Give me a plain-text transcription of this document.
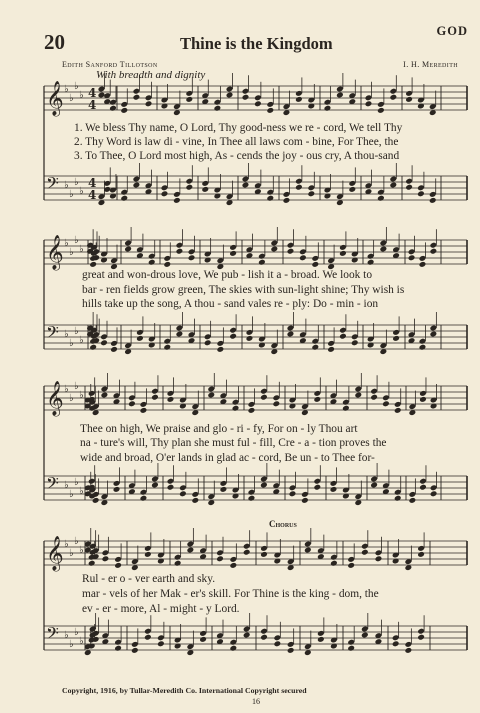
𝄞 ♭
♭
♭
♭ 4
4
𝄢 ♭
♭
♭
♭
4
4
𝄞 ♭
♭
♭
♭
𝄢 ♭
♭
♭
♭
𝄞 ♭
♭
♭
♭
𝄢 ♭
♭
♭
♭
𝄞 ♭
♭
♭
♭
𝄢 ♭
♭
♭
♭
20	Thine is the Kingdom
GOD
Edith Sanford Tillotson	I. H. Meredith
With breadth and dignity
1. We bless Thy name, O Lord, Thy good-ness we re - cord, We tell Thy
2. Thy Word is law di - vine, In Thee all laws com - bine, For Thee, the
3. To Thee, O Lord most high, As - cends the joy - ous cry, A thou-sand
great and won-drous love, We pub - lish it a - broad. We look to
bar - ren fields grow green, The skies with sun-light shine; Thy wish is
hills take up the song, A thou - sand vales re - ply: Do - min - ion
Thee on high, We praise and glo - ri - fy, For on - ly Thou art
na - ture's will, Thy plan she must ful - fill, Cre - a - tion proves the
wide and broad, O'er lands in glad ac - cord, Be un - to Thee for-
Chorus
Rul - er o - ver earth and sky.
mar - vels of her Mak - er's skill. For Thine is the king - dom, the
ev - er - more, Al - might - y Lord.
Copyright, 1916, by Tullar-Meredith Co. International Copyright secured
16
